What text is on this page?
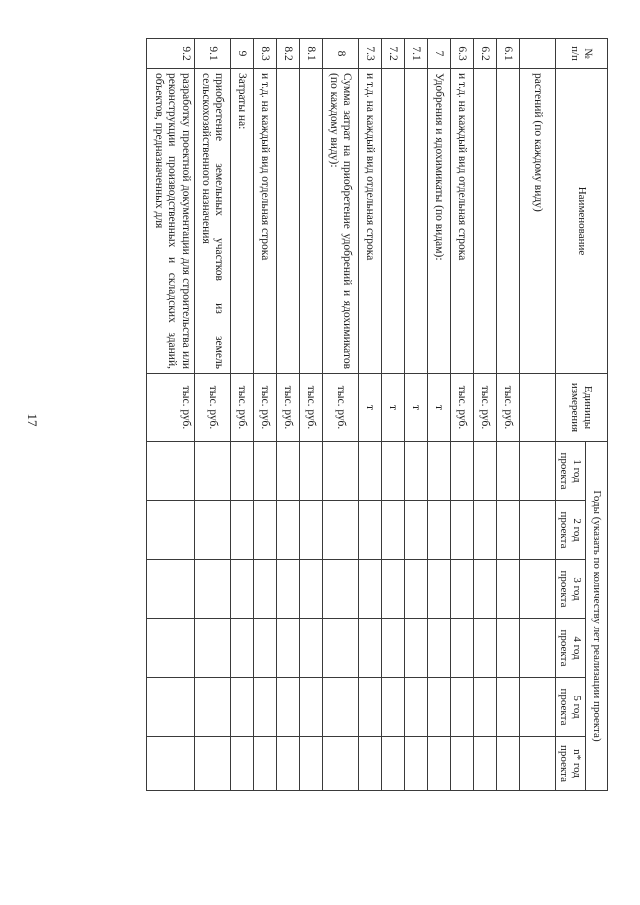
17
№ п/п	Наименование	Единицы измерения	Годы (указать по количеству лет реализации проекта)					
			1 год проекта	2 год проекта	3 год проекта	4 год проекта	5 год проекта	n* год проекта
	растений (по каждому виду)							
6.1		тыс. руб.						
6.2		тыс. руб.						
6.3	и т.д. на каждый вид отдельная строка	тыс. руб.						
7	Удобрения и ядохимикаты (по видам):	т						
7.1		т						
7.2		т						
7.3	и т.д. на каждый вид отдельная строка	т						
8	Сумма затрат на приобретение удобрений и ядохимикатов (по каждому виду):	тыс. руб.						
8.1		тыс. руб.						
8.2		тыс. руб.						
8.3	и т.д. на каждый вид отдельная строка	тыс. руб.						
9	Затраты на:	тыс. руб.						
9.1	приобретение земельных участков из земель сельскохозяйственного назначения	тыс. руб.						
9.2	разработку проектной документации для строительства или реконструкции производственных и складских зданий, объектов, предназначенных для	тыс. руб.						
